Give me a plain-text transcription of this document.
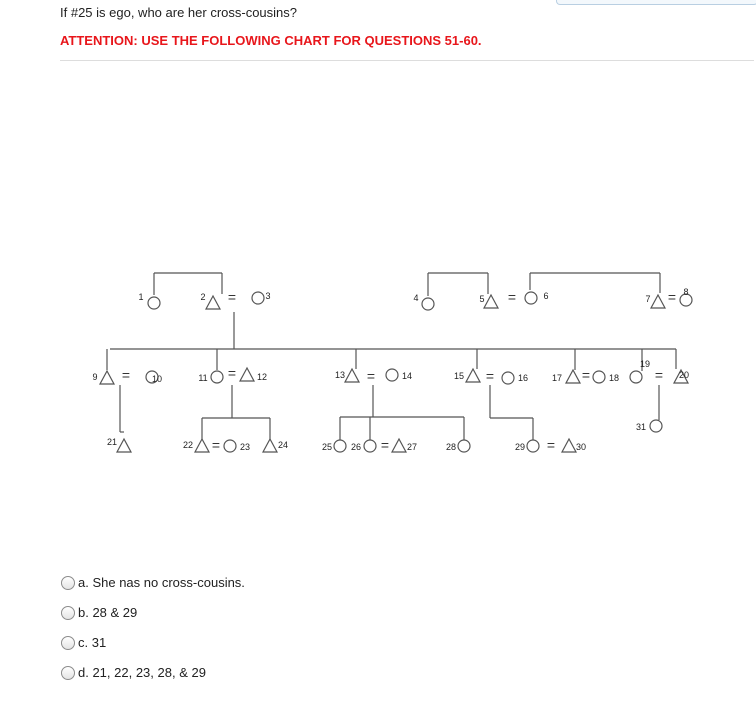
If #25 is ego, who are her cross-cousins?
ATTENTION: USE THE FOLLOWING CHART FOR QUESTIONS 51-60.
=	=	=
=	=	=	=	=	=
=	=	=
1	2	3	4	5	6	7
8
9	10	11	12	13	14	15	16	17	18
19
20
21	22	23	24	25 26	27	28	29	30
31
a. She nas no cross-cousins.
b. 28 & 29
c. 31
d. 21, 22, 23, 28, & 29
